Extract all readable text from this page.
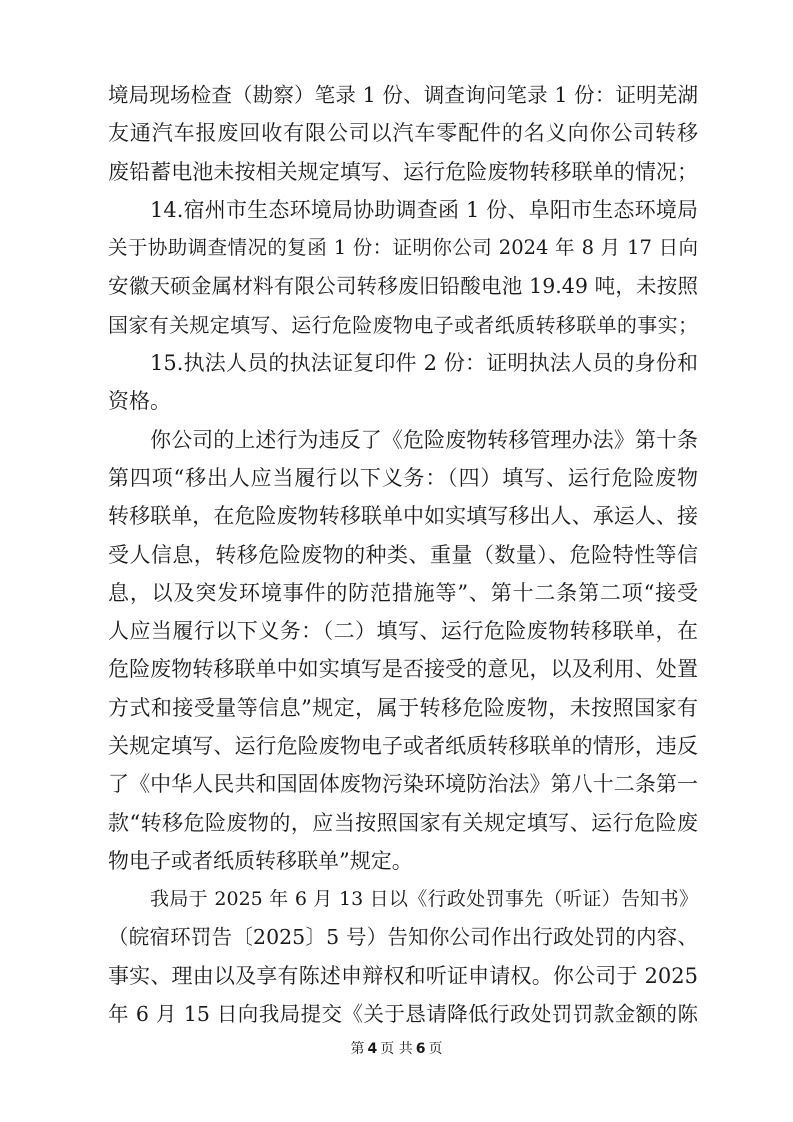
境局现场检查（勘察）笔录 1 份、调查询问笔录 1 份：证明芜湖
友通汽车报废回收有限公司以汽车零配件的名义向你公司转移
废铅蓄电池未按相关规定填写、运行危险废物转移联单的情况；
14.宿州市生态环境局协助调查函 1 份、阜阳市生态环境局
关于协助调查情况的复函 1 份：证明你公司 2024 年 8 月 17 日向
安徽天硕金属材料有限公司转移废旧铅酸电池 19.49 吨，未按照
国家有关规定填写、运行危险废物电子或者纸质转移联单的事实；
15.执法人员的执法证复印件 2 份：证明执法人员的身份和
资格。
你公司的上述行为违反了《危险废物转移管理办法》第十条
第四项“移出人应当履行以下义务：（四）填写、运行危险废物
转移联单，在危险废物转移联单中如实填写移出人、承运人、接
受人信息，转移危险废物的种类、重量（数量）、危险特性等信
息，以及突发环境事件的防范措施等”、第十二条第二项“接受
人应当履行以下义务：（二）填写、运行危险废物转移联单，在
危险废物转移联单中如实填写是否接受的意见，以及利用、处置
方式和接受量等信息”规定，属于转移危险废物，未按照国家有
关规定填写、运行危险废物电子或者纸质转移联单的情形，违反
了《中华人民共和国固体废物污染环境防治法》第八十二条第一
款“转移危险废物的，应当按照国家有关规定填写、运行危险废
物电子或者纸质转移联单”规定。
我局于 2025 年 6 月 13 日以《行政处罚事先（听证）告知书》
（皖宿环罚告〔2025〕5 号）告知你公司作出行政处罚的内容、
事实、理由以及享有陈述申辩权和听证申请权。你公司于 2025
年 6 月 15 日向我局提交《关于恳请降低行政处罚罚款金额的陈
第 4 页 共 6 页
